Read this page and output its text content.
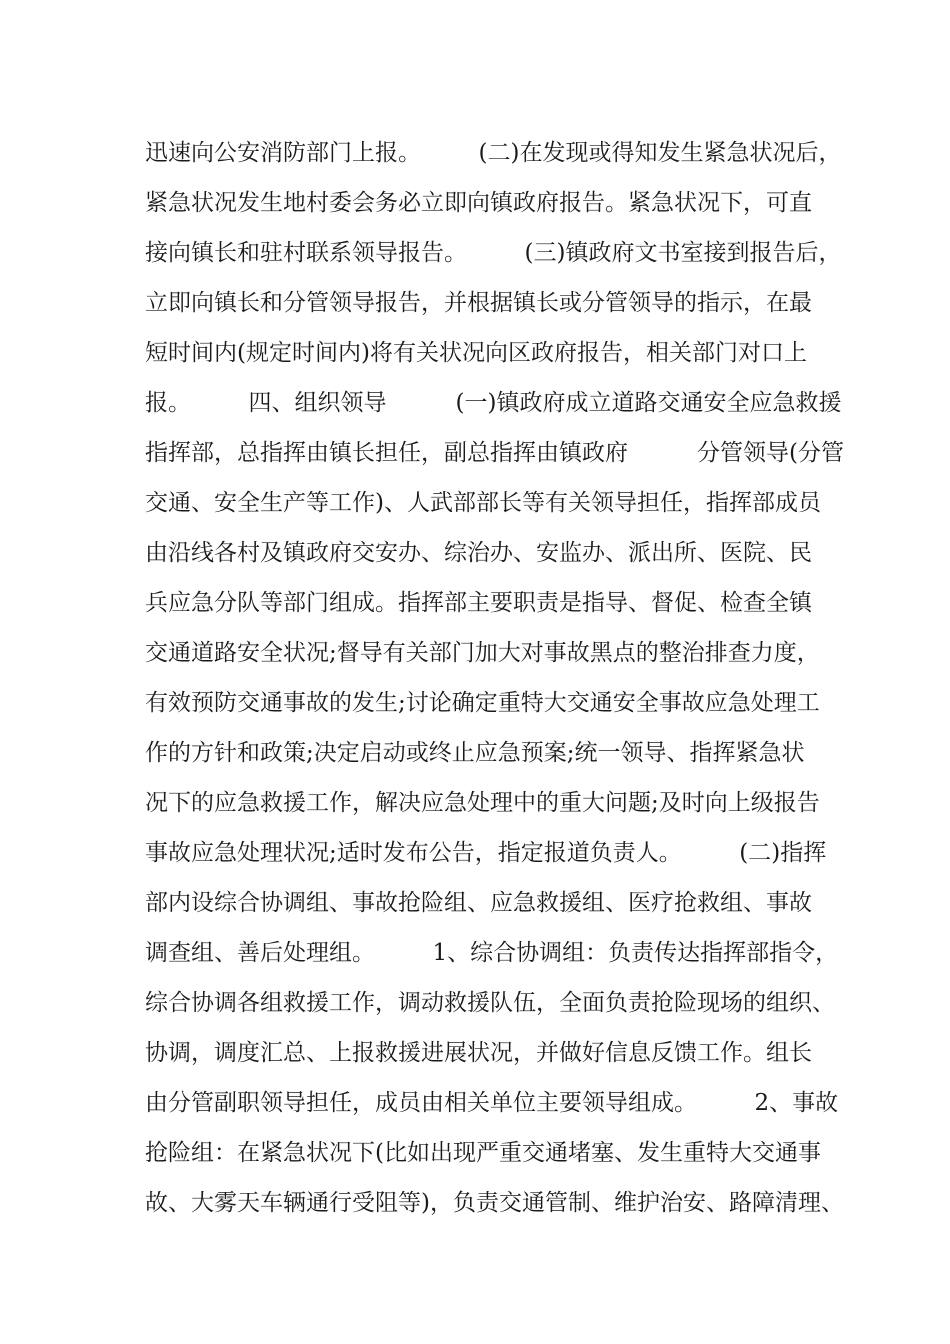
迅速向公安消防部门上报。　　　(二)在发现或得知发生紧急状况后，
紧急状况发生地村委会务必立即向镇政府报告。紧急状况下，可直
接向镇长和驻村联系领导报告。　　　(三)镇政府文书室接到报告后，
立即向镇长和分管领导报告，并根据镇长或分管领导的指示，在最
短时间内(规定时间内)将有关状况向区政府报告，相关部门对口上
报。　　　四、组织领导　　　(一)镇政府成立道路交通安全应急救援
指挥部，总指挥由镇长担任，副总指挥由镇政府　　　分管领导(分管
交通、安全生产等工作)、人武部部长等有关领导担任，指挥部成员
由沿线各村及镇政府交安办、综治办、安监办、派出所、医院、民
兵应急分队等部门组成。指挥部主要职责是指导、督促、检查全镇
交通道路安全状况;督导有关部门加大对事故黑点的整治排查力度，
有效预防交通事故的发生;讨论确定重特大交通安全事故应急处理工
作的方针和政策;决定启动或终止应急预案;统一领导、指挥紧急状
况下的应急救援工作，解决应急处理中的重大问题;及时向上级报告
事故应急处理状况;适时发布公告，指定报道负责人。　　　(二)指挥
部内设综合协调组、事故抢险组、应急救援组、医疗抢救组、事故
调查组、善后处理组。　　　1、综合协调组：负责传达指挥部指令，
综合协调各组救援工作，调动救援队伍，全面负责抢险现场的组织、
协调，调度汇总、上报救援进展状况，并做好信息反馈工作。组长
由分管副职领导担任，成员由相关单位主要领导组成。　　　2、事故
抢险组：在紧急状况下(比如出现严重交通堵塞、发生重特大交通事
故、大雾天车辆通行受阻等)，负责交通管制、维护治安、路障清理、
